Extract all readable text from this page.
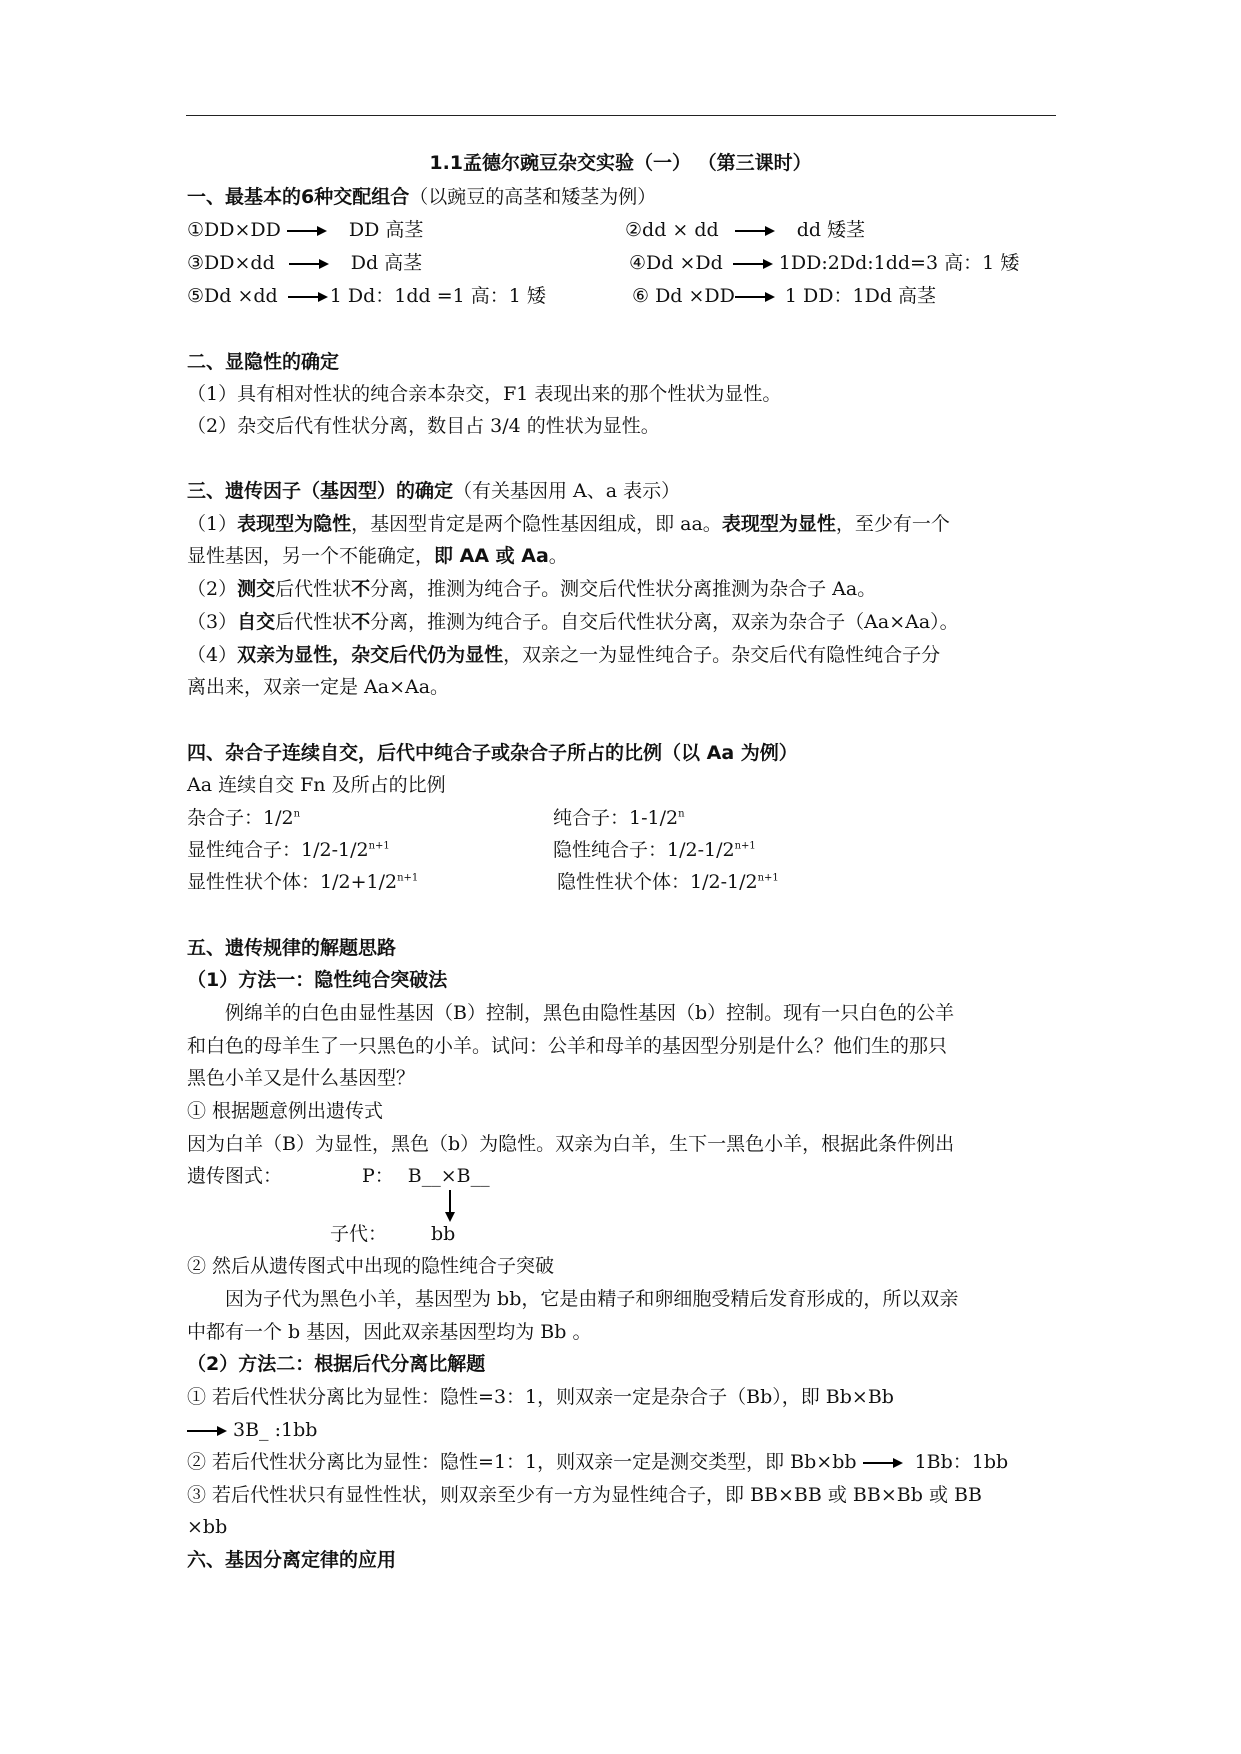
1.1孟德尔豌豆杂交实验（一） （第三课时）
一、最基本的6种交配组合（以豌豆的高茎和矮茎为例）
①DD×DD	DD 高茎	②dd × dd	dd 矮茎
③DD×dd	Dd 高茎	④Dd ×Dd	1DD:2Dd:1dd=3 高：1 矮
⑤Dd ×dd	1 Dd：1dd =1 高：1 矮	⑥ Dd ×DD	1 DD：1Dd 高茎
二、显隐性的确定
（1）具有相对性状的纯合亲本杂交，F1 表现出来的那个性状为显性。
（2）杂交后代有性状分离，数目占 3/4 的性状为显性。
三、遗传因子（基因型）的确定（有关基因用 A、a 表示）
（1）表现型为隐性，基因型肯定是两个隐性基因组成，即 aa。表现型为显性，至少有一个
显性基因，另一个不能确定，即 AA 或 Aa。
（2）测交后代性状不分离，推测为纯合子。测交后代性状分离推测为杂合子 Aa。
（3）自交后代性状不分离，推测为纯合子。自交后代性状分离，双亲为杂合子（Aa×Aa）。
（4）双亲为显性，杂交后代仍为显性，双亲之一为显性纯合子。杂交后代有隐性纯合子分
离出来，双亲一定是 Aa×Aa。
四、杂合子连续自交，后代中纯合子或杂合子所占的比例（以 Aa 为例）
Aa 连续自交 Fn 及所占的比例
杂合子：1/2$^n$	纯合子：1-1/2$^n$
显性纯合子：$1/2-1/2^{n+1}$	隐性纯合子：$1/2-1/2^{n+1}$
显性性状个体：$1/2+1/2^{n+1}$	隐性性状个体：$1/2-1/2^{n+1}$
五、遗传规律的解题思路
（1）方法一：隐性纯合突破法
例绵羊的白色由显性基因（B）控制，黑色由隐性基因（b）控制。现有一只白色的公羊
和白色的母羊生了一只黑色的小羊。试问：公羊和母羊的基因型分别是什么？他们生的那只
黑色小羊又是什么基因型？
① 根据题意例出遗传式
因为白羊（B）为显性，黑色（b）为隐性。双亲为白羊，生下一黑色小羊，根据此条件例出
遗传图式：	P： B__×B__
子代： bb
② 然后从遗传图式中出现的隐性纯合子突破
因为子代为黑色小羊，基因型为 bb，它是由精子和卵细胞受精后发育形成的，所以双亲
中都有一个 b 基因，因此双亲基因型均为 Bb 。
（2）方法二：根据后代分离比解题
① 若后代性状分离比为显性：隐性=3：1，则双亲一定是杂合子（Bb），即 Bb×Bb
3B_ :1bb
② 若后代性状分离比为显性：隐性=1：1，则双亲一定是测交类型，即 Bb×bb	1Bb：1bb
③ 若后代性状只有显性性状，则双亲至少有一方为显性纯合子，即 BB×BB 或 BB×Bb 或 BB
×bb
六、基因分离定律的应用
